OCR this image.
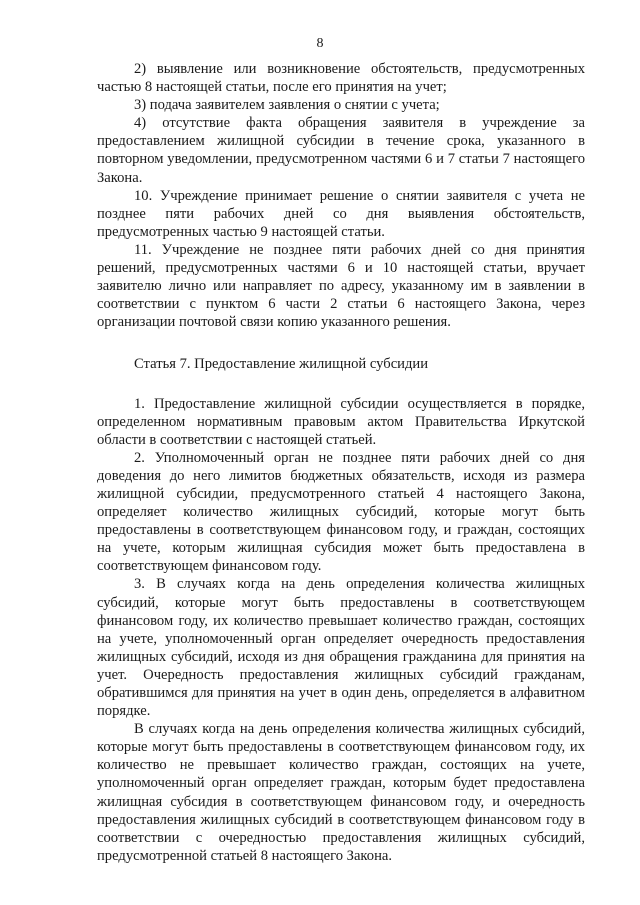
8

2) выявление или возникновение обстоятельств, предусмотренных частью 8 настоящей статьи, после его принятия на учет;

3) подача заявителем заявления о снятии с учета;

4) отсутствие факта обращения заявителя в учреждение за предоставлением жилищной субсидии в течение срока, указанного в повторном уведомлении, предусмотренном частями 6 и 7 статьи 7 настоящего Закона.

10. Учреждение принимает решение о снятии заявителя с учета не позднее пяти рабочих дней со дня выявления обстоятельств, предусмотренных частью 9 настоящей статьи.

11. Учреждение не позднее пяти рабочих дней со дня принятия решений, предусмотренных частями 6 и 10 настоящей статьи, вручает заявителю лично или направляет по адресу, указанному им в заявлении в соответствии с пунктом 6 части 2 статьи 6 настоящего Закона, через организации почтовой связи копию указанного решения.

Статья 7. Предоставление жилищной субсидии

1. Предоставление жилищной субсидии осуществляется в порядке, определенном нормативным правовым актом Правительства Иркутской области в соответствии с настоящей статьей.

2. Уполномоченный орган не позднее пяти рабочих дней со дня доведения до него лимитов бюджетных обязательств, исходя из размера жилищной субсидии, предусмотренного статьей 4 настоящего Закона, определяет количество жилищных субсидий, которые могут быть предоставлены в соответствующем финансовом году, и граждан, состоящих на учете, которым жилищная субсидия может быть предоставлена в соответствующем финансовом году.

3. В случаях когда на день определения количества жилищных субсидий, которые могут быть предоставлены в соответствующем финансовом году, их количество превышает количество граждан, состоящих на учете, уполномоченный орган определяет очередность предоставления жилищных субсидий, исходя из дня обращения гражданина для принятия на учет. Очередность предоставления жилищных субсидий гражданам, обратившимся для принятия на учет в один день, определяется в алфавитном порядке.

В случаях когда на день определения количества жилищных субсидий, которые могут быть предоставлены в соответствующем финансовом году, их количество не превышает количество граждан, состоящих на учете, уполномоченный орган определяет граждан, которым будет предоставлена жилищная субсидия в соответствующем финансовом году, и очередность предоставления жилищных субсидий в соответствующем финансовом году в соответствии с очередностью предоставления жилищных субсидий, предусмотренной статьей 8 настоящего Закона.
